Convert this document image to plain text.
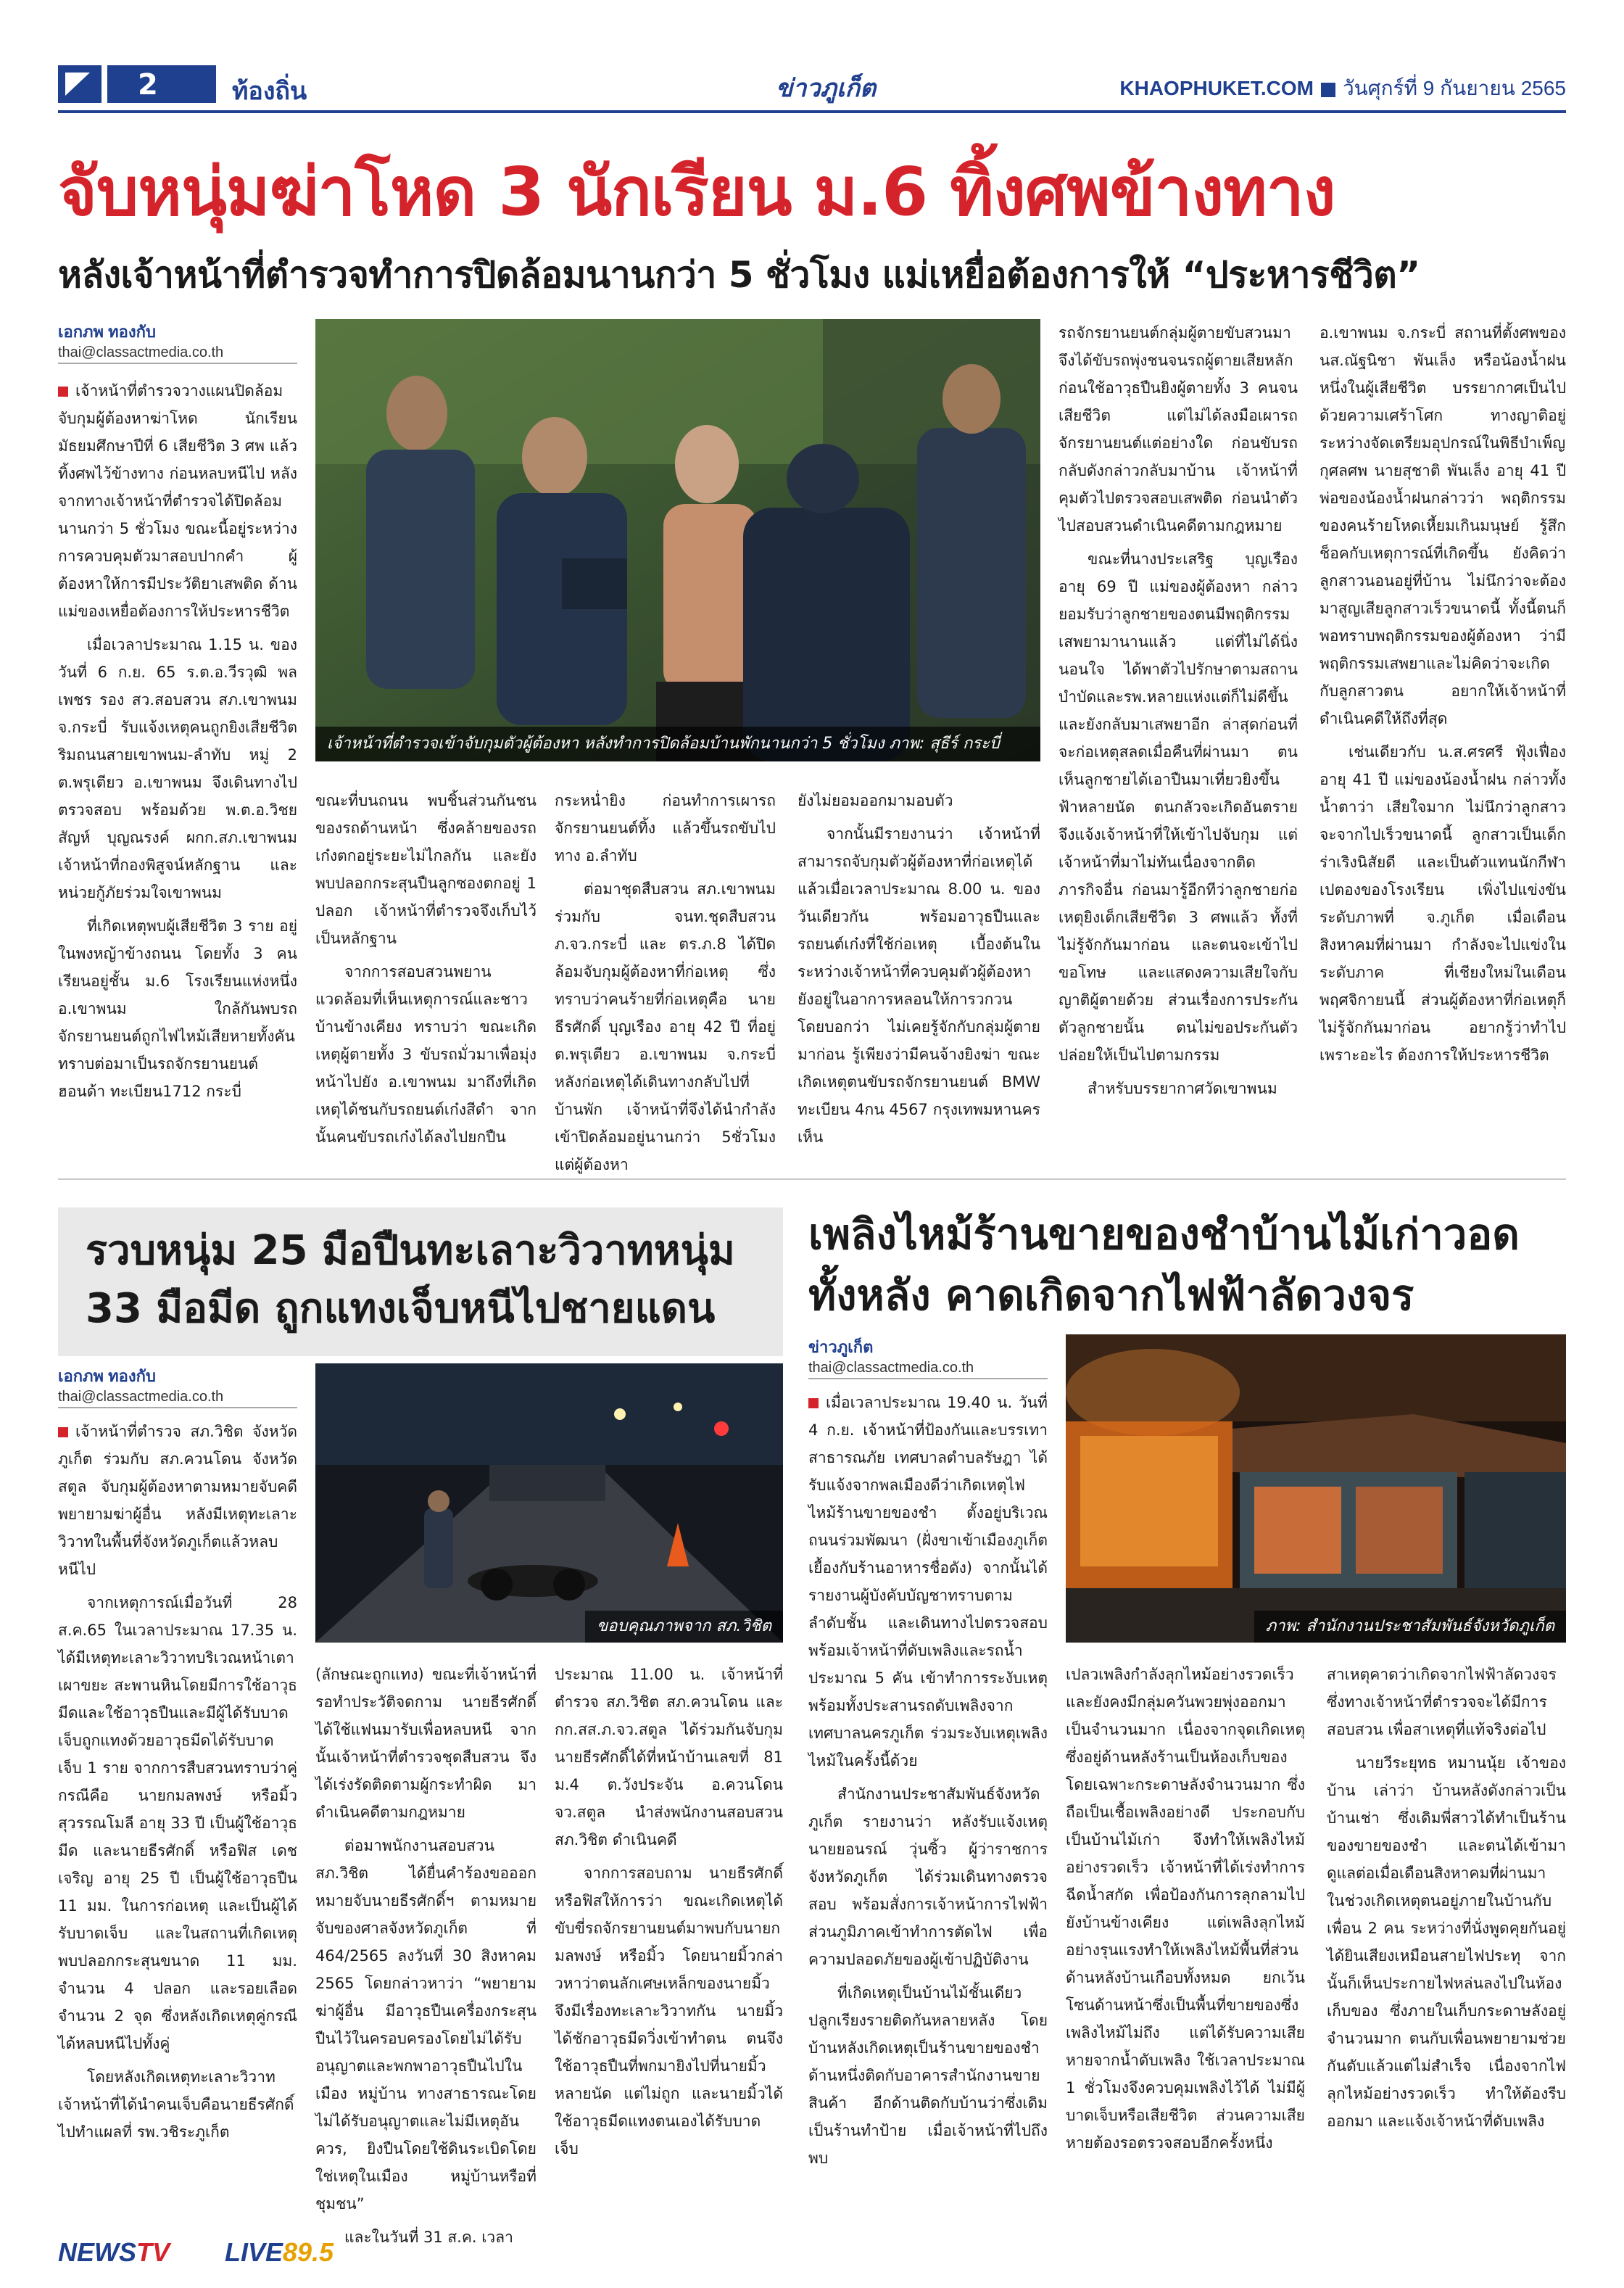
2	ท้องถิ่น	ข่าวภูเก็ต	KHAOPHUKET.COM วันศุกร์ที่ 9 กันยายน 2565
จับหนุ่มฆ่าโหด 3 นักเรียน ม.6 ทิ้งศพข้างทาง
หลังเจ้าหน้าที่ตำรวจทำการปิดล้อมนานกว่า 5 ชั่วโมง แม่เหยื่อต้องการให้ “ประหารชีวิต”
เอกภพ ทองกับ
thai@classactmedia.co.th

เจ้าหน้าที่ตำรวจวางแผนปิดล้อมจับกุมผู้ต้องหาฆ่าโหด นักเรียนมัธยมศึกษาปีที่ 6 เสียชีวิต 3 ศพ แล้วทิ้งศพไว้ข้างทาง ก่อนหลบหนีไป หลังจากทางเจ้าหน้าที่ตำรวจได้ปิดล้อมนานกว่า 5 ชั่วโมง ขณะนี้อยู่ระหว่างการควบคุมตัวมาสอบปากคำ ผู้ต้องหาให้การมีประวัติยาเสพติด ด้านแม่ของเหยื่อต้องการให้ประหารชีวิต

เมื่อเวลาประมาณ 1.15 น. ของวันที่ 6 ก.ย. 65 ร.ต.อ.วีรวุฒิ พลเพชร รอง สว.สอบสวน สภ.เขาพนม จ.กระบี่ รับแจ้งเหตุคนถูกยิงเสียชีวิต ริมถนนสายเขาพนม-ลำทับ หมู่ 2 ต.พรุเตียว อ.เขาพนม จึงเดินทางไปตรวจสอบ พร้อมด้วย พ.ต.อ.วิชยสัญห์ บุญณรงค์ ผกก.สภ.เขาพนม เจ้าหน้าที่กองพิสูจน์หลักฐาน และหน่วยกู้ภัยร่วมใจเขาพนม

ที่เกิดเหตุพบผู้เสียชีวิต 3 ราย อยู่ในพงหญ้าข้างถนน โดยทั้ง 3 คน เรียนอยู่ชั้น ม.6 โรงเรียนแห่งหนึ่ง อ.เขาพนม ใกล้กันพบรถจักรยานยนต์ถูกไฟไหม้เสียหายทั้งคัน ทราบต่อมาเป็นรถจักรยานยนต์ฮอนด้า ทะเบียน1712 กระบี่

เจ้าหน้าที่ตำรวจเข้าจับกุมตัวผู้ต้องหา หลังทำการปิดล้อมบ้านพักนานกว่า 5 ชั่วโมง ภาพ: สุธีร์ กระบี่

ขณะที่บนถนน พบชิ้นส่วนกันชนของรถด้านหน้า ซึ่งคล้ายของรถเก๋งตกอยู่ระยะไม่ไกลกัน และยังพบปลอกกระสุนปืนลูกซองตกอยู่ 1 ปลอก เจ้าหน้าที่ตำรวจจึงเก็บไว้เป็นหลักฐาน

จากการสอบสวนพยานแวดล้อมที่เห็นเหตุการณ์และชาวบ้านข้างเคียง ทราบว่า ขณะเกิดเหตุผู้ตายทั้ง 3 ขับรถมั่วมาเพื่อมุ่งหน้าไปยัง อ.เขาพนม มาถึงที่เกิดเหตุได้ชนกับรถยนต์เก๋งสีดำ จากนั้นคนขับรถเก๋งได้ลงไปยกปืน

กระหน่ำยิง ก่อนทำการเผารถจักรยานยนต์ทิ้ง แล้วขึ้นรถขับไปทาง อ.ลำทับ

ต่อมาชุดสืบสวน สภ.เขาพนม ร่วมกับ จนท.ชุดสืบสวน ภ.จว.กระบี่ และ ตร.ภ.8 ได้ปิดล้อมจับกุมผู้ต้องหาที่ก่อเหตุ ซึ่งทราบว่าคนร้ายที่ก่อเหตุคือ นายธีรศักดิ์ บุญเรือง อายุ 42 ปี ที่อยู่ ต.พรุเตียว อ.เขาพนม จ.กระบี่ หลังก่อเหตุได้เดินทางกลับไปที่บ้านพัก เจ้าหน้าที่จึงได้นำกำลังเข้าปิดล้อมอยู่นานกว่า 5ชั่วโมง แต่ผู้ต้องหา

ยังไม่ยอมออกมามอบตัว

จากนั้นมีรายงานว่า เจ้าหน้าที่สามารถจับกุมตัวผู้ต้องหาที่ก่อเหตุได้แล้วเมื่อเวลาประมาณ 8.00 น. ของวันเดียวกัน พร้อมอาวุธปืนและรถยนต์เก๋งที่ใช้ก่อเหตุ เบื้องต้นในระหว่างเจ้าหน้าที่ควบคุมตัวผู้ต้องหายังอยู่ในอาการหลอนให้การวกวน โดยบอกว่า ไม่เคยรู้จักกับกลุ่มผู้ตายมาก่อน รู้เพียงว่ามีคนจ้างยิงฆ่า ขณะเกิดเหตุตนขับรถจักรยานยนต์ BMW ทะเบียน 4กน 4567 กรุงเทพมหานคร เห็น

รถจักรยานยนต์กลุ่มผู้ตายขับสวนมา จึงได้ขับรถพุ่งชนจนรถผู้ตายเสียหลัก ก่อนใช้อาวุธปืนยิงผู้ตายทั้ง 3 คนจนเสียชีวิต แต่ไม่ได้ลงมือเผารถจักรยานยนต์แต่อย่างใด ก่อนขับรถกลับดังกล่าวกลับมาบ้าน เจ้าหน้าที่คุมตัวไปตรวจสอบเสพติด ก่อนนำตัวไปสอบสวนดำเนินคดีตามกฎหมาย

ขณะที่นางประเสริฐ บุญเรือง อายุ 69 ปี แม่ของผู้ต้องหา กล่าวยอมรับว่าลูกชายของตนมีพฤติกรรมเสพยามานานแล้ว แต่ที่ไม่ได้นิ่งนอนใจ ได้พาตัวไปรักษาตามสถานบำบัดและรพ.หลายแห่งแต่ก็ไม่ดีขึ้น และยังกลับมาเสพยาอีก ล่าสุดก่อนที่จะก่อเหตุสลดเมื่อคืนที่ผ่านมา ตนเห็นลูกชายได้เอาปืนมาเที่ยวยิงขึ้นฟ้าหลายนัด ตนกลัวจะเกิดอันตราย จึงแจ้งเจ้าหน้าที่ให้เข้าไปจับกุม แต่เจ้าหน้าที่มาไม่ทันเนื่องจากติดภารกิจอื่น ก่อนมารู้อีกทีว่าลูกชายก่อเหตุยิงเด็กเสียชีวิต 3 ศพแล้ว ทั้งที่ไม่รู้จักกันมาก่อน และตนจะเข้าไปขอโทษ และแสดงความเสียใจกับญาติผู้ตายด้วย ส่วนเรื่องการประกันตัวลูกชายนั้น ตนไม่ขอประกันตัวปล่อยให้เป็นไปตามกรรม

สำหรับบรรยากาศวัดเขาพนม

อ.เขาพนม จ.กระบี่ สถานที่ตั้งศพของ นส.ณัฐนิชา พันเล็ง หรือน้องน้ำฝน หนึ่งในผู้เสียชีวิต บรรยากาศเป็นไปด้วยความเศร้าโศก ทางญาติอยู่ระหว่างจัดเตรียมอุปกรณ์ในพิธีบำเพ็ญกุศลศพ นายสุชาติ พันเล็ง อายุ 41 ปี พ่อของน้องน้ำฝนกล่าวว่า พฤติกรรมของคนร้ายโหดเหี้ยมเกินมนุษย์ รู้สึกช็อคกับเหตุการณ์ที่เกิดขึ้น ยังคิดว่าลูกสาวนอนอยู่ที่บ้าน ไม่นึกว่าจะต้องมาสูญเสียลูกสาวเร็วขนาดนี้ ทั้งนี้ตนก็พอทราบพฤติกรรมของผู้ต้องหา ว่ามีพฤติกรรมเสพยาและไม่คิดว่าจะเกิดกับลูกสาวตน อยากให้เจ้าหน้าที่ดำเนินคดีให้ถึงที่สุด

เช่นเดียวกับ น.ส.ศรศรี ฟุ้งเฟื่อง อายุ 41 ปี แม่ของน้องน้ำฝน กล่าวทั้งน้ำตาว่า เสียใจมาก ไม่นึกว่าลูกสาวจะจากไปเร็วขนาดนี้ ลูกสาวเป็นเด็กร่าเริงนิสัยดี และเป็นตัวแทนนักกีฬาเปตองของโรงเรียน เพิ่งไปแข่งขันระดับภาพที่ จ.ภูเก็ต เมื่อเดือนสิงหาคมที่ผ่านมา กำลังจะไปแข่งในระดับภาค ที่เชียงใหม่ในเดือนพฤศจิกายนนี้ ส่วนผู้ต้องหาที่ก่อเหตุก็ไม่รู้จักกันมาก่อน อยากรู้ว่าทำไปเพราะอะไร ต้องการให้ประหารชีวิต

รวบหนุ่ม 25 มือปืนทะเลาะวิวาทหนุ่ม
33 มือมีด ถูกแทงเจ็บหนีไปชายแดน
เอกภพ ทองกับ
thai@classactmedia.co.th

เจ้าหน้าที่ตำรวจ สภ.วิชิต จังหวัดภูเก็ต ร่วมกับ สภ.ควนโดน จังหวัดสตูล จับกุมผู้ต้องหาตามหมายจับคดีพยายามฆ่าผู้อื่น หลังมีเหตุทะเลาะวิวาทในพื้นที่จังหวัดภูเก็ตแล้วหลบหนีไป

จากเหตุการณ์เมื่อวันที่ 28 ส.ค.65 ในเวลาประมาณ 17.35 น. ได้มีเหตุทะเลาะวิวาทบริเวณหน้าเตาเผาขยะ สะพานหินโดยมีการใช้อาวุธมีดและใช้อาวุธปืนและมีผู้ได้รับบาดเจ็บถูกแทงด้วยอาวุธมีดได้รับบาดเจ็บ 1 ราย จากการสืบสวนทราบว่าคู่กรณีคือ นายกมลพงษ์ หรือมิ้ว สุวรรณโมลี อายุ 33 ปี เป็นผู้ใช้อาวุธมีด และนายธีรศักดิ์ หรือฟิส เดชเจริญ อายุ 25 ปี เป็นผู้ใช้อาวุธปืน 11 มม. ในการก่อเหตุ และเป็นผู้ได้รับบาดเจ็บ และในสถานที่เกิดเหตุ พบปลอกกระสุนขนาด 11 มม. จำนวน 4 ปลอก และรอยเลือด จำนวน 2 จุด ซึ่งหลังเกิดเหตุคู่กรณีได้หลบหนีไปทั้งคู่

โดยหลังเกิดเหตุทะเลาะวิวาท เจ้าหน้าที่ได้นำคนเจ็บคือนายธีรศักดิ์ไปทำแผลที่ รพ.วชิระภูเก็ต

ขอบคุณภาพจาก สภ.วิชิต

(ลักษณะถูกแทง) ขณะที่เจ้าหน้าที่รอทำประวัติจดกาม นายธีรศักดิ์ได้ใช้แฟนมารับเพื่อหลบหนี จากนั้นเจ้าหน้าที่ตำรวจชุดสืบสวน จึงได้เร่งรัดติดตามผู้กระทำผิด มาดำเนินคดีตามกฎหมาย

ต่อมาพนักงานสอบสวน สภ.วิชิต ได้ยื่นคำร้องขอออกหมายจับนายธีรศักดิ์ฯ ตามหมายจับของศาลจังหวัดภูเก็ต ที่ 464/2565 ลงวันที่ 30 สิงหาคม 2565 โดยกล่าวหาว่า “พยายามฆ่าผู้อื่น มีอาวุธปืนเครื่องกระสุนปืนไว้ในครอบครองโดยไม่ได้รับอนุญาตและพกพาอาวุธปืนไปในเมือง หมู่บ้าน ทางสาธารณะโดยไม่ได้รับอนุญาตและไม่มีเหตุอันควร, ยิงปืนโดยใช้ดินระเบิดโดยใช่เหตุในเมือง หมู่บ้านหรือที่ชุมชน”

และในวันที่ 31 ส.ค. เวลา

ประมาณ 11.00 น. เจ้าหน้าที่ตำรวจ สภ.วิชิต สภ.ควนโดน และ กก.สส.ภ.จว.สตูล ได้ร่วมกันจับกุมนายธีรศักดิ์ได้ที่หน้าบ้านเลขที่ 81 ม.4 ต.วังประจัน อ.ควนโดน จว.สตูล นำส่งพนักงานสอบสวน สภ.วิชิต ดำเนินคดี

จากการสอบถาม นายธีรศักดิ์ หรือฟิสให้การว่า ขณะเกิดเหตุได้ขับขี่รถจักรยานยนต์มาพบกับนายกมลพงษ์ หรือมิ้ว โดยนายมิ้วกล่าวหาว่าตนลักเศษเหล็กของนายมิ้ว จึงมีเรื่องทะเลาะวิวาทกัน นายมิ้วได้ชักอาวุธมีดวิ่งเข้าทำตน ตนจึงใช้อาวุธปืนที่พกมายิงไปที่นายมิ้วหลายนัด แต่ไม่ถูก และนายมิ้วได้ใช้อาวุธมีดแทงตนเองได้รับบาดเจ็บ

เพลิงไหม้ร้านขายของชำบ้านไม้เก่าวอด
ทั้งหลัง คาดเกิดจากไฟฟ้าลัดวงจร
ข่าวภูเก็ต
thai@classactmedia.co.th

เมื่อเวลาประมาณ 19.40 น. วันที่ 4 ก.ย. เจ้าหน้าที่ป้องกันและบรรเทาสาธารณภัย เทศบาลตำบลรัษฎา ได้รับแจ้งจากพลเมืองดีว่าเกิดเหตุไฟไหม้ร้านขายของชำ ตั้งอยู่บริเวณถนนร่วมพัฒนา (ฝั่งขาเข้าเมืองภูเก็ตเยื้องกับร้านอาหารชื่อดัง) จากนั้นได้รายงานผู้บังคับบัญชาทราบตามลำดับชั้น และเดินทางไปตรวจสอบ พร้อมเจ้าหน้าที่ดับเพลิงและรถน้ำประมาณ 5 คัน เข้าทำการระงับเหตุ พร้อมทั้งประสานรถดับเพลิงจากเทศบาลนครภูเก็ต ร่วมระงับเหตุเพลิงไหม้ในครั้งนี้ด้วย

สำนักงานประชาสัมพันธ์จังหวัดภูเก็ต รายงานว่า หลังรับแจ้งเหตุ นายยอนรณ์ วุ่นซิ้ว ผู้ว่าราชการจังหวัดภูเก็ต ได้ร่วมเดินทางตรวจสอบ พร้อมสั่งการเจ้าหน้าการไฟฟ้าส่วนภูมิภาคเข้าทำการตัดไฟ เพื่อความปลอดภัยของผู้เข้าปฏิบัติงาน

ที่เกิดเหตุเป็นบ้านไม้ชั้นเดียวปลูกเรียงรายติดกันหลายหลัง โดยบ้านหลังเกิดเหตุเป็นร้านขายของชำ ด้านหนึ่งติดกับอาคารสำนักงานขายสินค้า อีกด้านติดกับบ้านว่าซึ่งเดิมเป็นร้านทำป้าย เมื่อเจ้าหน้าที่ไปถึงพบ

ภาพ: สำนักงานประชาสัมพันธ์จังหวัดภูเก็ต

เปลวเพลิงกำลังลุกไหม้อย่างรวดเร็ว และยังคงมีกลุ่มควันพวยพุ่งออกมาเป็นจำนวนมาก เนื่องจากจุดเกิดเหตุซึ่งอยู่ด้านหลังร้านเป็นห้องเก็บของ โดยเฉพาะกระดาษลังจำนวนมาก ซึ่งถือเป็นเชื้อเพลิงอย่างดี ประกอบกับเป็นบ้านไม้เก่า จึงทำให้เพลิงไหม้อย่างรวดเร็ว เจ้าหน้าที่ได้เร่งทำการฉีดน้ำสกัด เพื่อป้องกันการลุกลามไปยังบ้านข้างเคียง แต่เพลิงลุกไหม้อย่างรุนแรงทำให้เพลิงไหม้พื้นที่ส่วนด้านหลังบ้านเกือบทั้งหมด ยกเว้นโซนด้านหน้าซึ่งเป็นพื้นที่ขายของซึ่งเพลิงไหม้ไม่ถึง แต่ได้รับความเสียหายจากน้ำดับเพลิง ใช้เวลาประมาณ 1 ชั่วโมงจึงควบคุมเพลิงไว้ได้ ไม่มีผู้บาดเจ็บหรือเสียชีวิต ส่วนความเสียหายต้องรอตรวจสอบอีกครั้งหนึ่ง

สาเหตุคาดว่าเกิดจากไฟฟ้าลัดวงจร ซึ่งทางเจ้าหน้าที่ตำรวจจะได้มีการสอบสวน เพื่อสาเหตุที่แท้จริงต่อไป

นายวีระยุทธ หมานนุ้ย เจ้าของบ้าน เล่าว่า บ้านหลังดังกล่าวเป็นบ้านเช่า ซึ่งเดิมพี่สาวได้ทำเป็นร้านของขายของชำ และตนได้เข้ามาดูแลต่อเมื่อเดือนสิงหาคมที่ผ่านมา ในช่วงเกิดเหตุตนอยู่ภายในบ้านกับเพื่อน 2 คน ระหว่างที่นั่งพูดคุยกันอยู่ ได้ยินเสียงเหมือนสายไฟประทุ จากนั้นก็เห็นประกายไฟหล่นลงไปในห้องเก็บของ ซึ่งภายในเก็บกระดาษลังอยู่จำนวนมาก ตนกับเพื่อนพยายามช่วยกันดับแล้วแต่ไม่สำเร็จ เนื่องจากไฟลุกไหม้อย่างรวดเร็ว ทำให้ต้องรีบออกมา และแจ้งเจ้าหน้าที่ดับเพลิง

NEWSTV LIVE89.5
